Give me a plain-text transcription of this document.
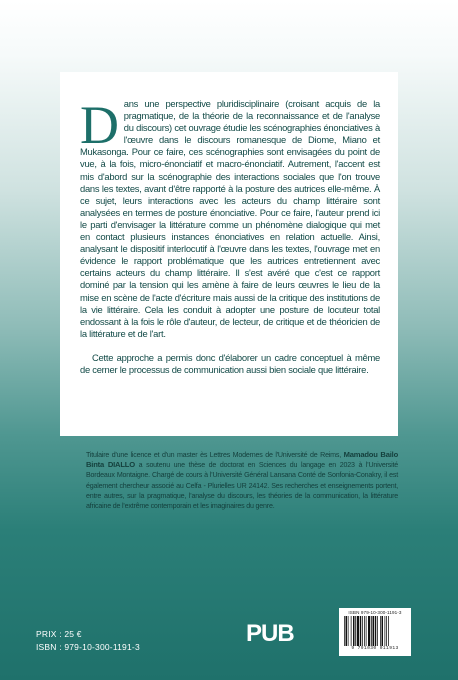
Dans une perspective pluridisciplinaire (croisant acquis de la pragmatique, de la théorie de la reconnaissance et de l'analyse du discours) cet ouvrage étudie les scénographies énonciatives à l'œuvre dans le discours romanesque de Diome, Miano et Mukasonga. Pour ce faire, ces scénographies sont envisagées du point de vue, à la fois, micro-énonciatif et macro-énonciatif. Autrement, l'accent est mis d'abord sur la scénographie des interactions sociales que l'on trouve dans les textes, avant d'être rapporté à la posture des autrices elle-même. À ce sujet, leurs interactions avec les acteurs du champ littéraire sont analysées en termes de posture énonciative. Pour ce faire, l'auteur prend ici le parti d'envisager la littérature comme un phénomène dialogique qui met en contact plusieurs instances énonciatives en relation actuelle. Ainsi, analysant le dispositif interlocutif à l'œuvre dans les textes, l'ouvrage met en évidence le rapport problématique que les autrices entretiennent avec certains acteurs du champ littéraire. Il s'est avéré que c'est ce rapport dominé par la tension qui les amène à faire de leurs œuvres le lieu de la mise en scène de l'acte d'écriture mais aussi de la critique des institutions de la vie littéraire. Cela les conduit à adopter une posture de locuteur total endossant à la fois le rôle d'auteur, de lecteur, de critique et de théoricien de la littérature et de l'art.

Cette approche a permis donc d'élaborer un cadre conceptuel à même de cerner le processus de communication aussi bien sociale que littéraire.

Titulaire d'une licence et d'un master ès Lettres Modernes de l'Université de Reims, Mamadou Bailo Binta DIALLO a soutenu une thèse de doctorat en Sciences du langage en 2023 à l'Université Bordeaux Montaigne. Chargé de cours à l'Université Général Lansana Conté de Sonfonia-Conakry, il est également chercheur associé au Celfa - Plurielles UR 24142. Ses recherches et enseignements portent, entre autres, sur la pragmatique, l'analyse du discours, les théories de la communication, la littérature africaine de l'extrême contemporain et les imaginaires du genre.

PRIX : 25 €
ISBN : 979-10-300-1191-3	PUB
ISBN 979-10-300-1191-3
9 791030 011913
